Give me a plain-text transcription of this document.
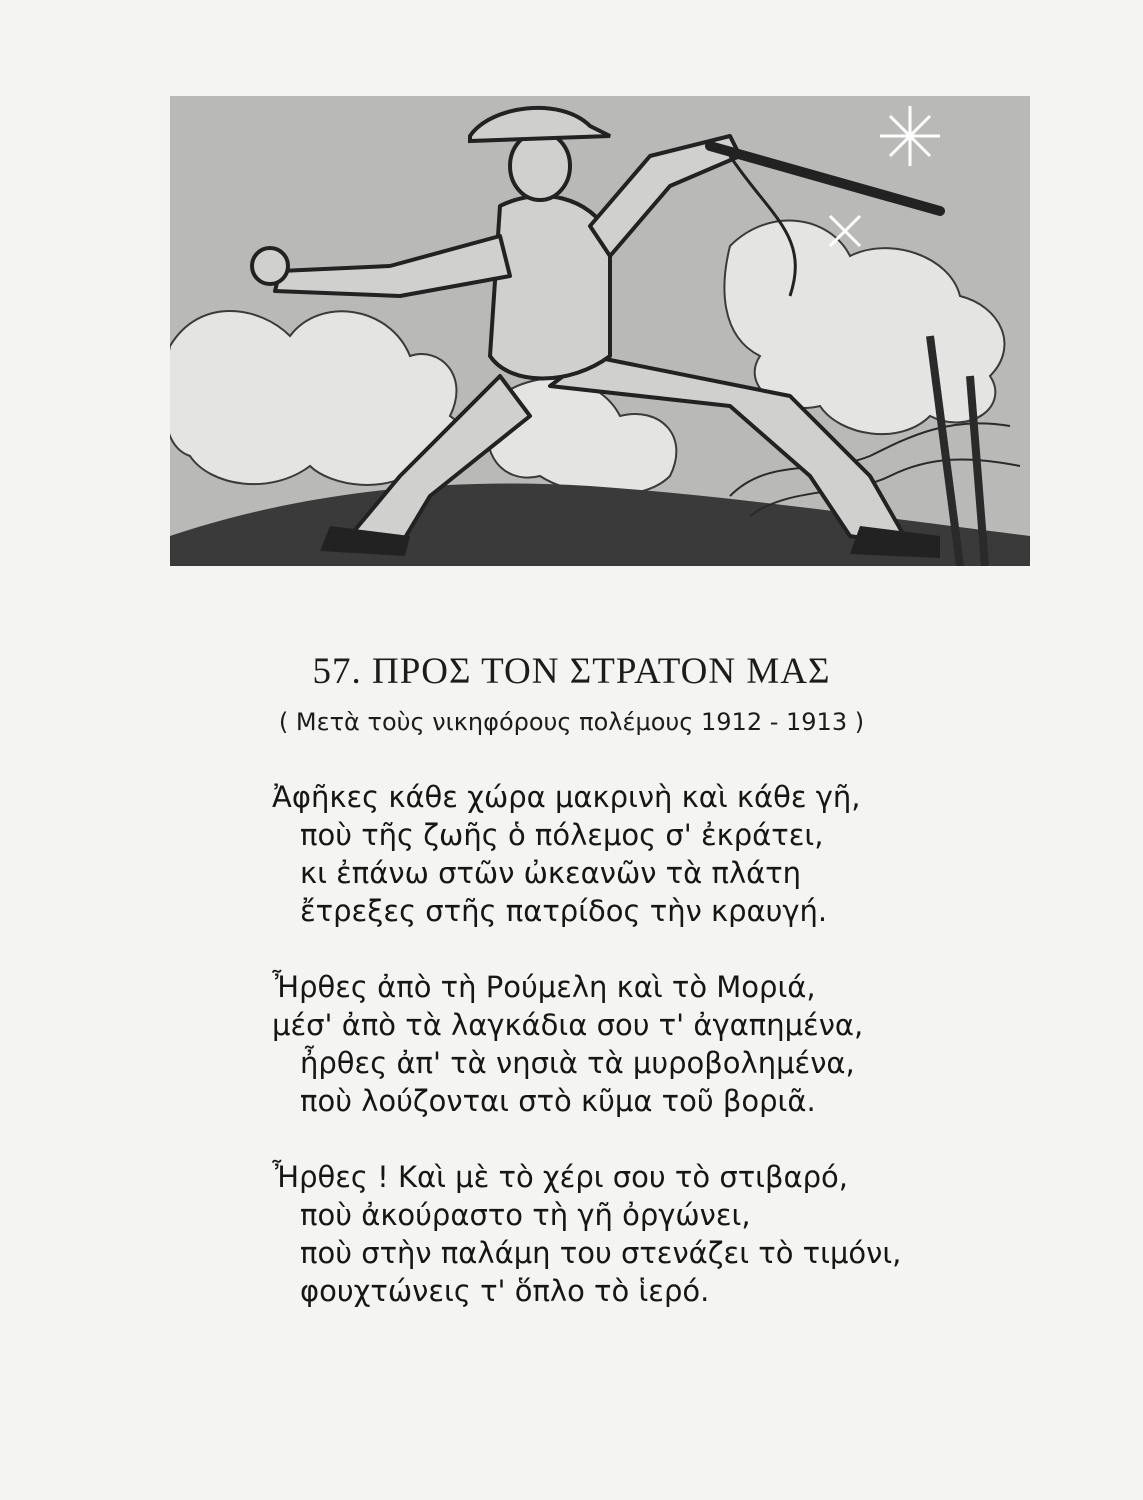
57. ΠΡΟΣ ΤΟΝ ΣΤΡΑΤΟΝ ΜΑΣ
( Μετὰ τοὺς νικηφόρους πολέμους 1912 - 1913 )
Ἀφῆκες κάθε χώρα μακρινὴ καὶ κάθε γῆ,
ποὺ τῆς ζωῆς ὁ πόλεμος σ' ἐκράτει,
κι ἐπάνω στῶν ὠκεανῶν τὰ πλάτη
ἔτρεξες στῆς πατρίδος τὴν κραυγή.
Ἦρθες ἀπὸ τὴ Ρούμελη καὶ τὸ Μοριά,
μέσ' ἀπὸ τὰ λαγκάδια σου τ' ἀγαπημένα,
ἦρθες ἀπ' τὰ νησιὰ τὰ μυροβολημένα,
ποὺ λούζονται στὸ κῦμα τοῦ βοριᾶ.
Ἦρθες ! Καὶ μὲ τὸ χέρι σου τὸ στιβαρό,
ποὺ ἀκούραστο τὴ γῆ ὀργώνει,
ποὺ στὴν παλάμη του στενάζει τὸ τιμόνι,
φουχτώνεις τ' ὅπλο τὸ ἱερό.
